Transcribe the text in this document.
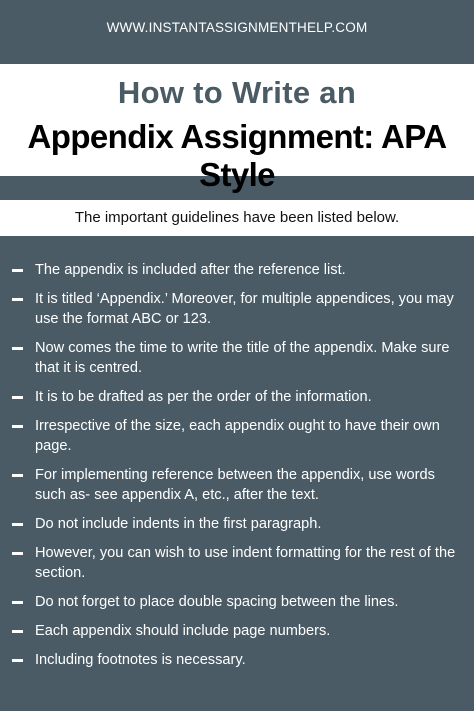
WWW.INSTANTASSIGNMENTHELP.COM
How to Write an
Appendix Assignment: APA Style
The important guidelines have been listed below.
The appendix is included after the reference list.
It is titled ‘Appendix.’ Moreover, for multiple appendices, you may use the format ABC or 123.
Now comes the time to write the title of the appendix. Make sure that it is centred.
It is to be drafted as per the order of the information.
Irrespective of the size, each appendix ought to have their own page.
For implementing reference between the appendix, use words such as- see appendix A, etc., after the text.
Do not include indents in the first paragraph.
However, you can wish to use indent formatting for the rest of the section.
Do not forget to place double spacing between the lines.
Each appendix should include page numbers.
Including footnotes is necessary.
